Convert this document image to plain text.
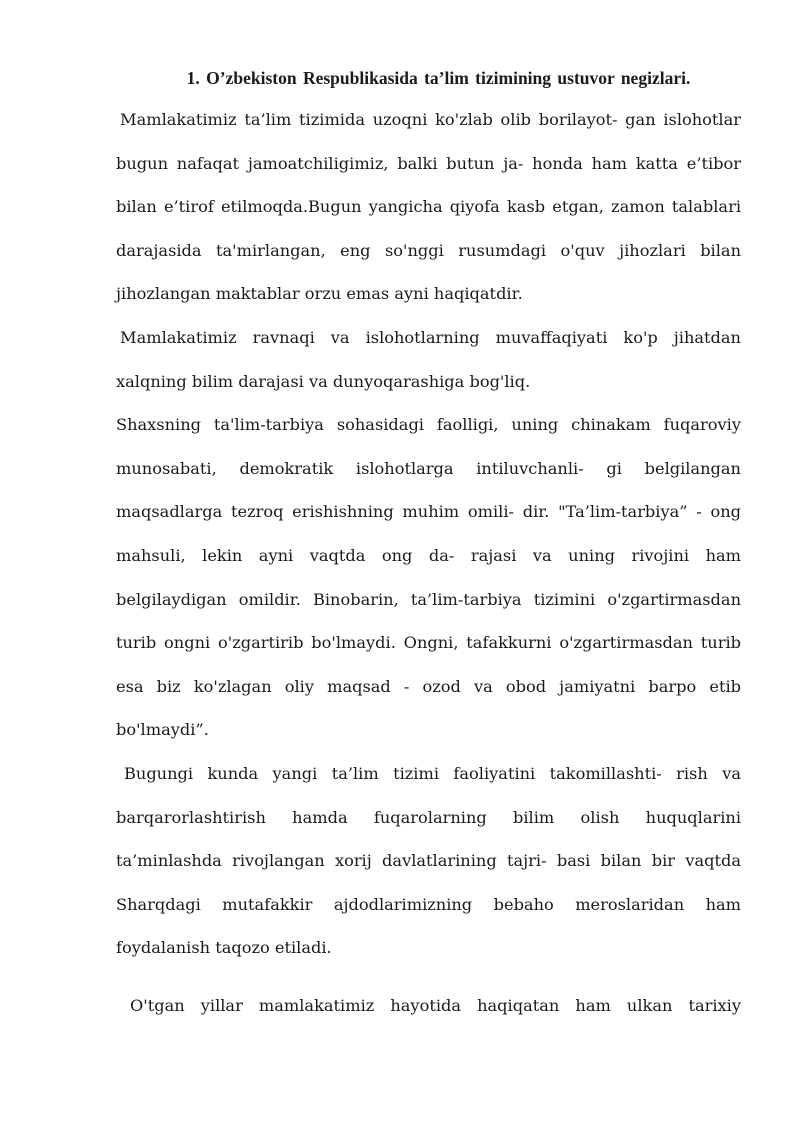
1. O’zbekiston Respublikasida ta’lim tizimining ustuvor negizlari.

Mamlakatimiz ta’lim tizimida uzoqni ko'zlab olib borilayot- gan islohotlar bugun nafaqat jamoatchiligimiz, balki butun ja- honda ham katta e’tibor bilan e’tirof etilmoqda.Bugun yangicha qiyofa kasb etgan, zamon talablari darajasida ta'mirlangan, eng so'nggi rusumdagi o'quv jihozlari bilan jihozlangan maktablar orzu emas ayni haqiqatdir.

Mamlakatimiz ravnaqi va islohotlarning muvaffaqiyati ko'p jihatdan xalqning bilim darajasi va dunyoqarashiga bog'liq.

Shaxsning ta'lim-tarbiya sohasidagi faolligi, uning chinakam fuqaroviy munosabati, demokratik islohotlarga intiluvchanli- gi belgilangan maqsadlarga tezroq erishishning muhim omili- dir. "Ta’lim-tarbiya” - ong mahsuli, lekin ayni vaqtda ong da- rajasi va uning rivojini ham belgilaydigan omildir. Binobarin, ta’lim-tarbiya tizimini o'zgartirmasdan turib ongni o'zgartirib bo'lmaydi. Ongni, tafakkurni o'zgartirmasdan turib esa biz ko'zlagan oliy maqsad - ozod va obod jamiyatni barpo etib bo'lmaydi”.

Bugungi kunda yangi ta’lim tizimi faoliyatini takomillashti- rish va barqarorlashtirish hamda fuqarolarning bilim olish huquqlarini ta’minlashda rivojlangan xorij davlatlarining tajri- basi bilan bir vaqtda Sharqdagi mutafakkir ajdodlarimizning bebaho meroslaridan ham foydalanish taqozo etiladi.

O'tgan yillar mamlakatimiz hayotida haqiqatan ham ulkan tarixiy
